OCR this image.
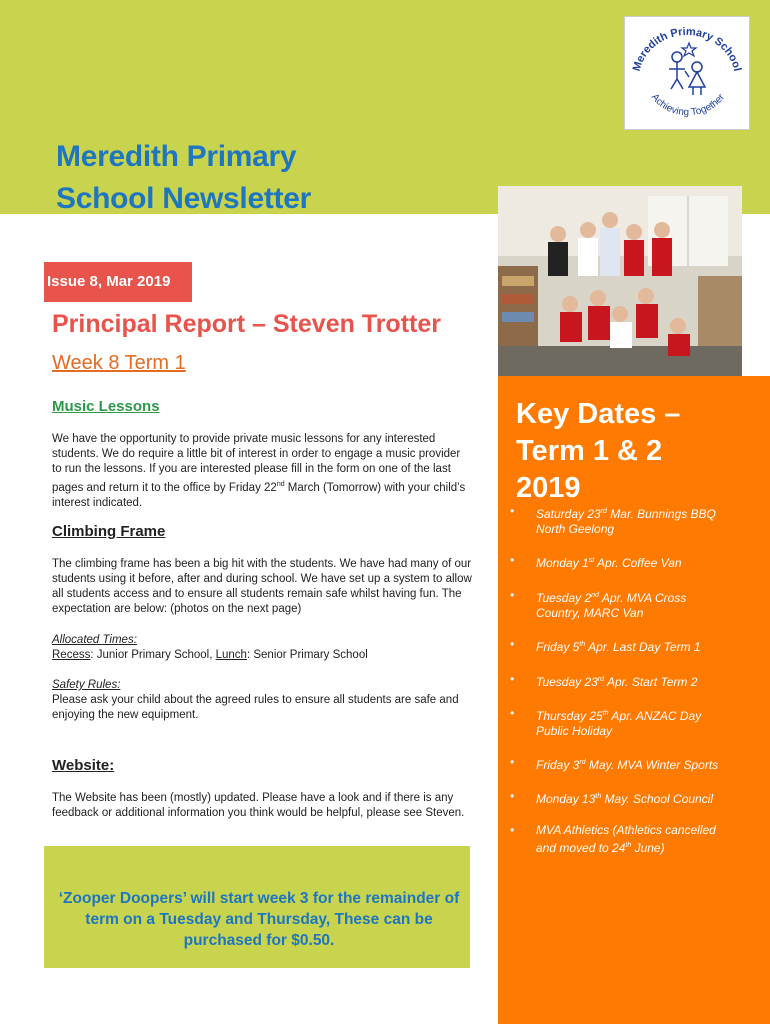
Meredith Primary School
Achieving Together
Meredith Primary
School Newsletter
Issue 8, Mar 2019
Key Dates –
Term 1 & 2
2019
• Saturday 23rd Mar. Bunnings BBQ North Geelong
• Monday 1st Apr. Coffee Van
• Tuesday 2nd Apr. MVA Cross Country, MARC Van
• Friday 5th Apr. Last Day Term 1
• Tuesday 23rd Apr. Start Term 2
• Thursday 25th Apr. ANZAC Day Public Holiday
• Friday 3rd May. MVA Winter Sports
• Monday 13th May. School Council
• MVA Athletics (Athletics cancelled and moved to 24th June)
Principal Report – Steven Trotter
Week 8 Term 1
Music Lessons
We have the opportunity to provide private music lessons for any interested students. We do require a little bit of interest in order to engage a music provider to run the lessons. If you are interested please fill in the form on one of the last pages and return it to the office by Friday 22nd March (Tomorrow) with your child’s interest indicated.
Climbing Frame
The climbing frame has been a big hit with the students. We have had many of our students using it before, after and during school. We have set up a system to allow all students access and to ensure all students remain safe whilst having fun. The expectation are below: (photos on the next page)
Allocated Times:
Recess: Junior Primary School, Lunch: Senior Primary School
Safety Rules:
Please ask your child about the agreed rules to ensure all students are safe and enjoying the new equipment.
Website:
The Website has been (mostly) updated. Please have a look and if there is any feedback or additional information you think would be helpful, please see Steven.

‘Zooper Doopers’ will start week 3 for the remainder of term on a Tuesday and Thursday, These can be purchased for $0.50.
